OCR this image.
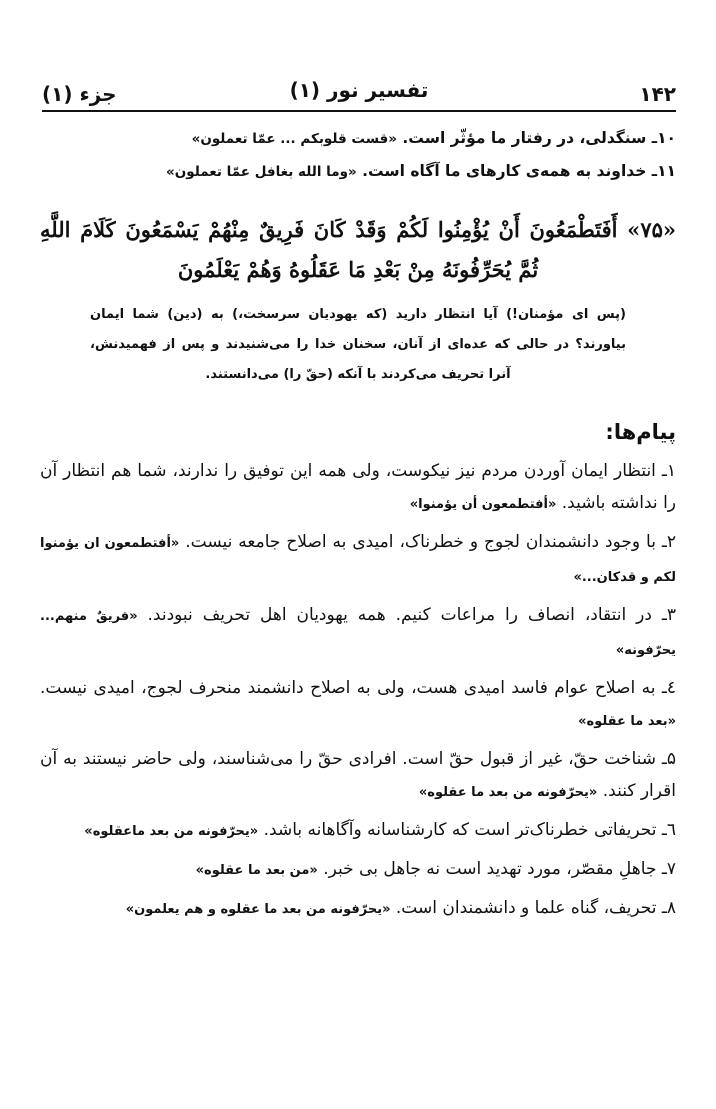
۱۴۲
تفسیر نور (۱)
جزء (۱)
۱۰ـ سنگدلی، در رفتار ما مؤثّر است. «قست قلوبکم ... عمّا تعملون»
۱۱ـ خداوند به همه‌ی کارهای ما آگاه است. «وما الله بغافل عمّا تعملون»
«۷۵» أَفَتَطْمَعُونَ أَنْ يُؤْمِنُوا لَكُمْ وَقَدْ كَانَ فَرِيقٌ مِنْهُمْ يَسْمَعُونَ كَلَامَ اللَّهِ ثُمَّ يُحَرِّفُونَهُ مِنْ بَعْدِ مَا عَقَلُوهُ وَهُمْ يَعْلَمُونَ
(پس ای مؤمنان!) آیا انتظار دارید (که یهودیان سرسخت،) به (دین) شما ایمان بیاورند؟ در حالی که عده‌ای از آنان، سخنان خدا را می‌شنیدند و پس از فهمیدنش، آنرا تحریف می‌کردند با آنکه (حقّ را) می‌دانستند.
پیام‌ها:
۱ـ انتظار ایمان آوردن مردم نیز نیکوست، ولی همه این توفیق را ندارند، شما هم انتظار آن را نداشته باشید. «أفتطمعون أن یؤمنوا»
۲ـ با وجود دانشمندان لجوج و خطرناک، امیدی به اصلاح جامعه نیست. «أفتطمعون ان یؤمنوا لکم و قدکان...»
۳ـ در انتقاد، انصاف را مراعات کنیم. همه یهودیان اهل تحریف نبودند. «فریقٌ منهم... یحرّفونه»
٤ـ به اصلاح عوام فاسد امیدی هست، ولی به اصلاح دانشمند منحرف لجوج، امیدی نیست. «بعد ما عقلوه»
۵ـ شناخت حقّ، غیر از قبول حقّ است. افرادی حقّ را می‌شناسند، ولی حاضر نیستند به آن اقرار کنند. «یحرّفونه من بعد ما عقلوه»
٦ـ تحریفاتی خطرناک‌تر است که کارشناسانه وآگاهانه باشد. «یحرّفونه من بعد ماعقلوه»
۷ـ جاهلِ مقصّر، مورد تهدید است نه جاهل بی خبر. «من بعد ما عقلوه»
۸ـ تحریف، گناه علما و دانشمندان است. «یحرّفونه من بعد ما عقلوه و هم یعلمون»
